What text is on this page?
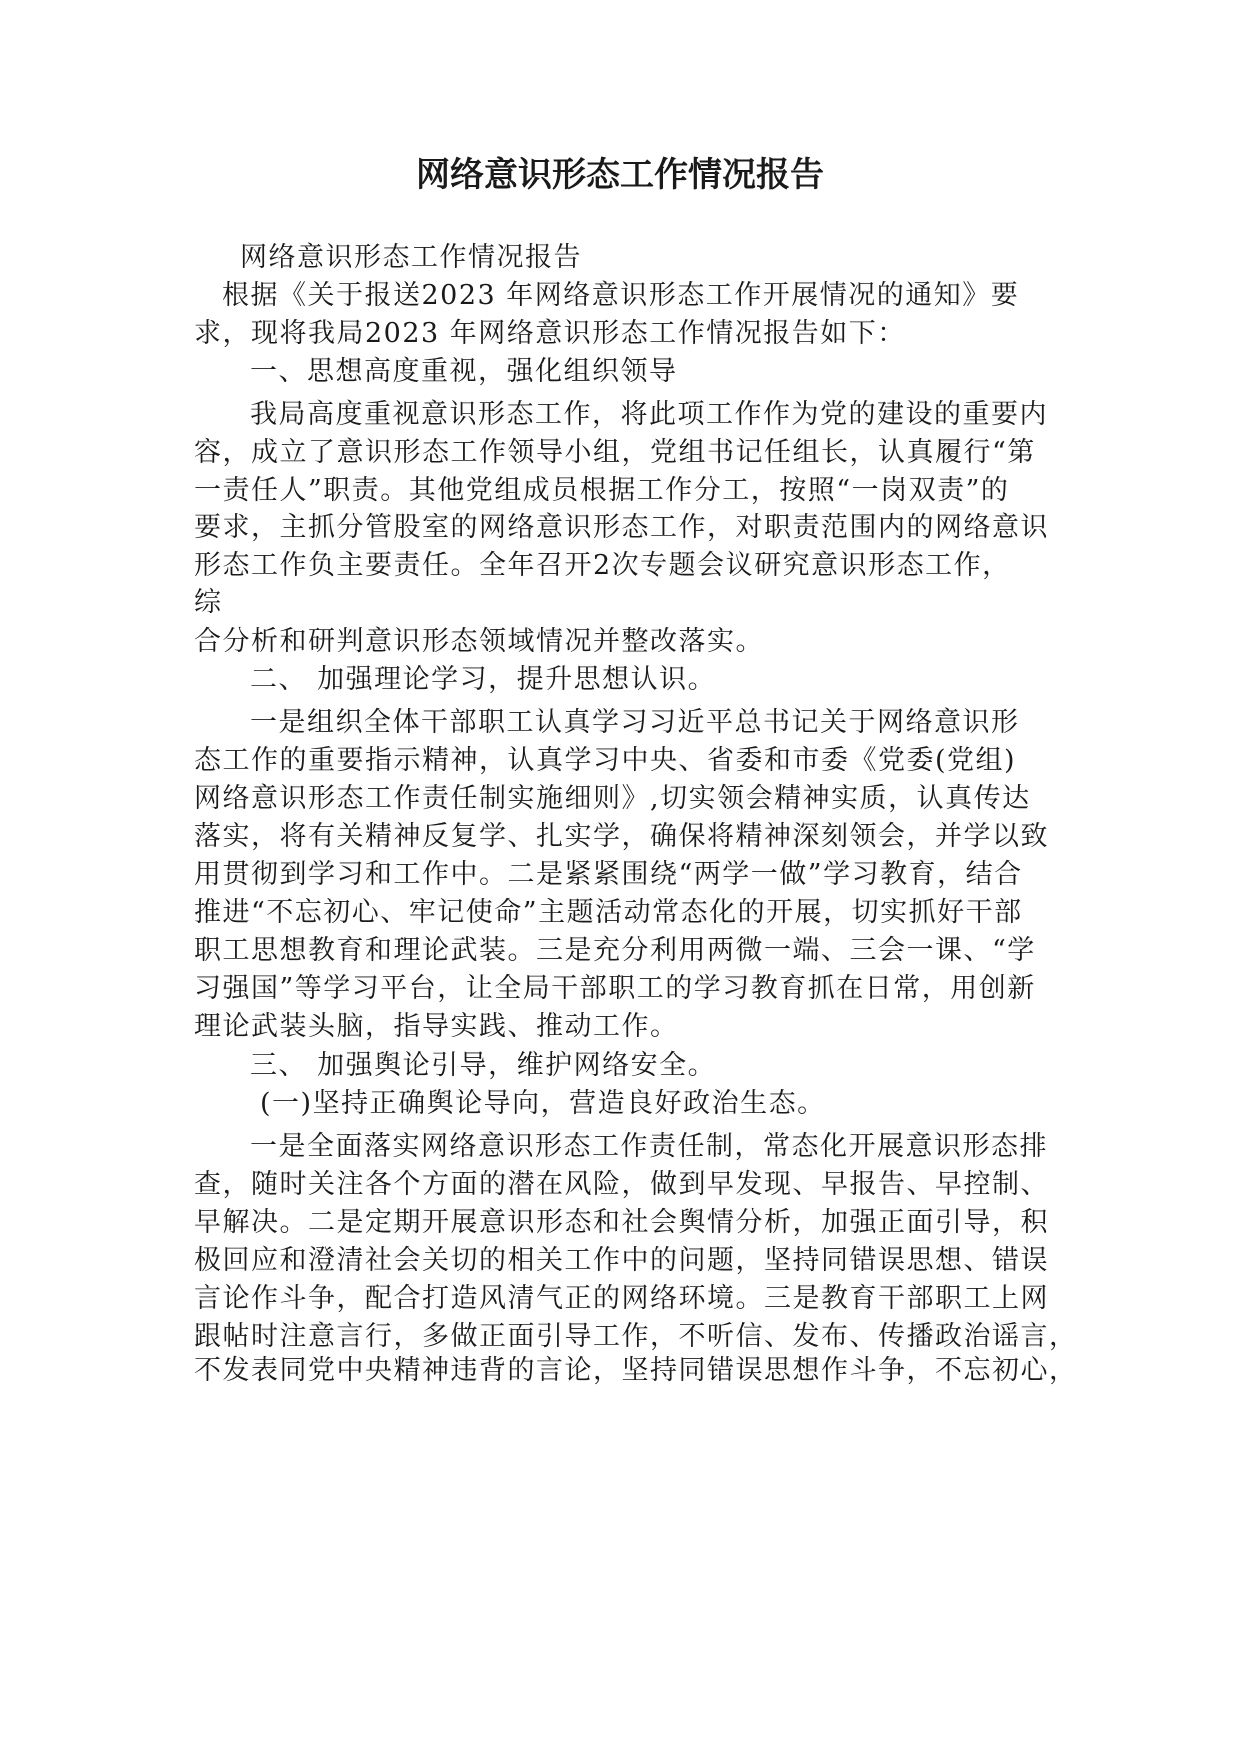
网络意识形态工作情况报告
网络意识形态工作情况报告
根据《关于报送2023 年网络意识形态工作开展情况的通知》要
求，现将我局2023 年网络意识形态工作情况报告如下：
一、思想高度重视，强化组织领导
我局高度重视意识形态工作，将此项工作作为党的建设的重要内
容，成立了意识形态工作领导小组，党组书记任组长，认真履行“第
一责任人”职责。其他党组成员根据工作分工，按照“一岗双责”的
要求，主抓分管股室的网络意识形态工作，对职责范围内的网络意识
形态工作负主要责任。全年召开2次专题会议研究意识形态工作，
综
合分析和研判意识形态领域情况并整改落实。
二、 加强理论学习，提升思想认识。
一是组织全体干部职工认真学习习近平总书记关于网络意识形
态工作的重要指示精神，认真学习中央、省委和市委《党委(党组)
网络意识形态工作责任制实施细则》,切实领会精神实质，认真传达
落实，将有关精神反复学、扎实学，确保将精神深刻领会，并学以致
用贯彻到学习和工作中。二是紧紧围绕“两学一做”学习教育，结合
推进“不忘初心、牢记使命”主题活动常态化的开展，切实抓好干部
职工思想教育和理论武装。三是充分利用两微一端、三会一课、“学
习强国”等学习平台，让全局干部职工的学习教育抓在日常，用创新
理论武装头脑，指导实践、推动工作。
三、 加强舆论引导，维护网络安全。
(一)坚持正确舆论导向，营造良好政治生态。
一是全面落实网络意识形态工作责任制，常态化开展意识形态排
查，随时关注各个方面的潜在风险，做到早发现、早报告、早控制、
早解决。二是定期开展意识形态和社会舆情分析，加强正面引导，积
极回应和澄清社会关切的相关工作中的问题，坚持同错误思想、错误
言论作斗争，配合打造风清气正的网络环境。三是教育干部职工上网
跟帖时注意言行，多做正面引导工作，不听信、发布、传播政治谣言，
不发表同党中央精神违背的言论，坚持同错误思想作斗争，不忘初心，
